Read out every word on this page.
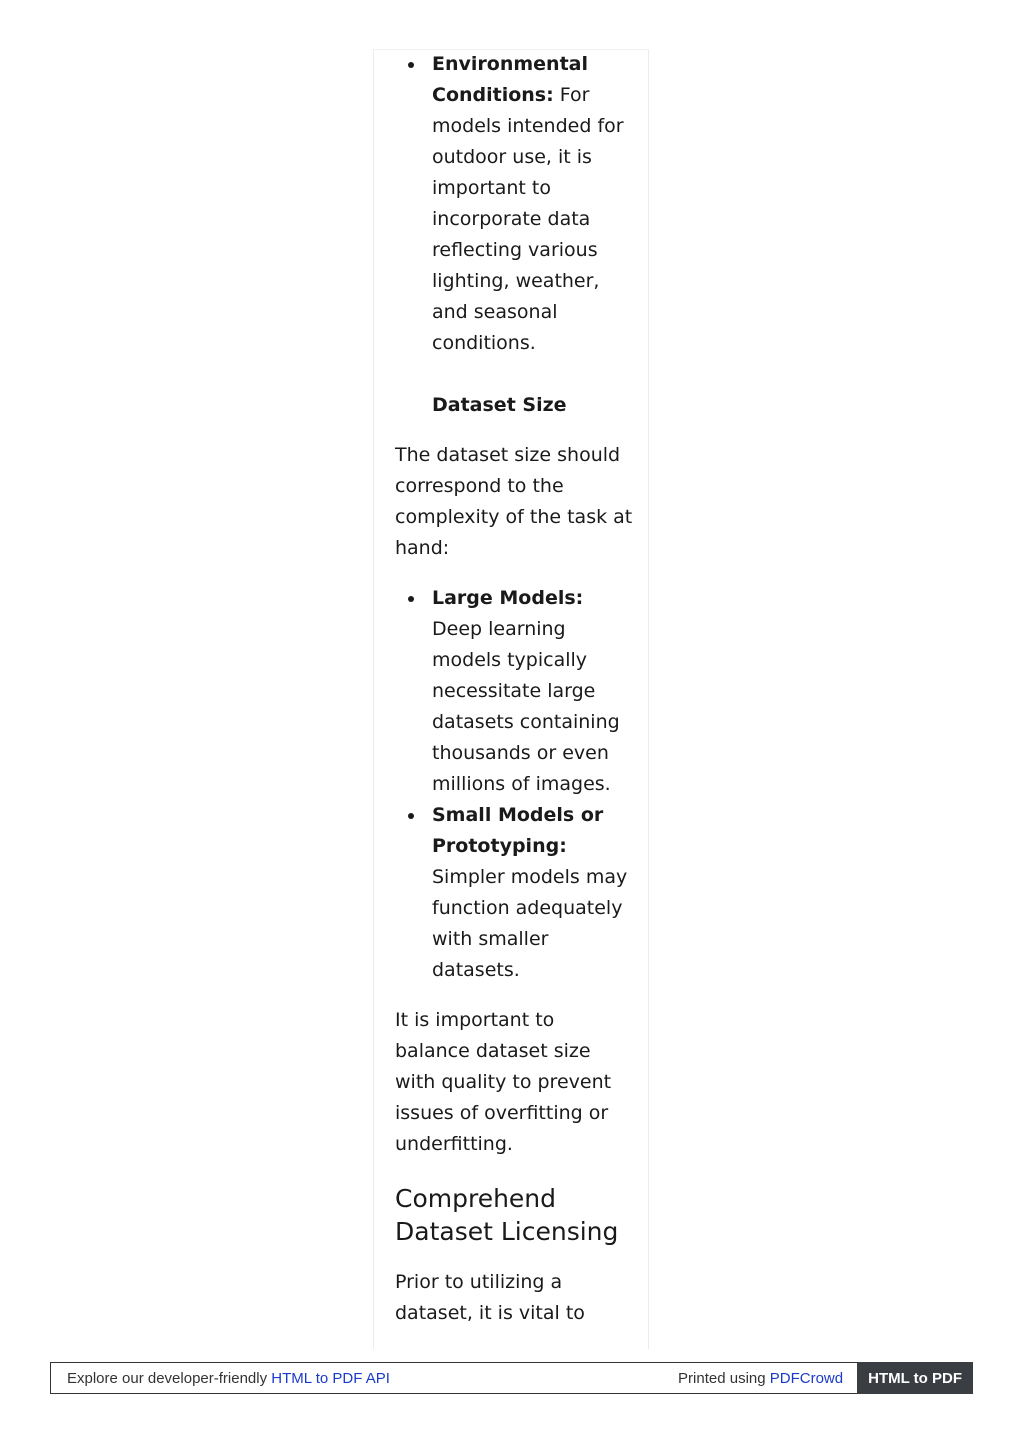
Environmental Conditions: For models intended for outdoor use, it is important to incorporate data reflecting various lighting, weather, and seasonal conditions.

Dataset Size

The dataset size should correspond to the complexity of the task at hand:

Large Models: Deep learning models typically necessitate large datasets containing thousands or even millions of images.
Small Models or Prototyping: Simpler models may function adequately with smaller datasets.

It is important to balance dataset size with quality to prevent issues of overfitting or underfitting.

Comprehend Dataset Licensing

Prior to utilizing a dataset, it is vital to

Explore our developer-friendly HTML to PDF API	Printed using PDFCrowd	HTML to PDF
